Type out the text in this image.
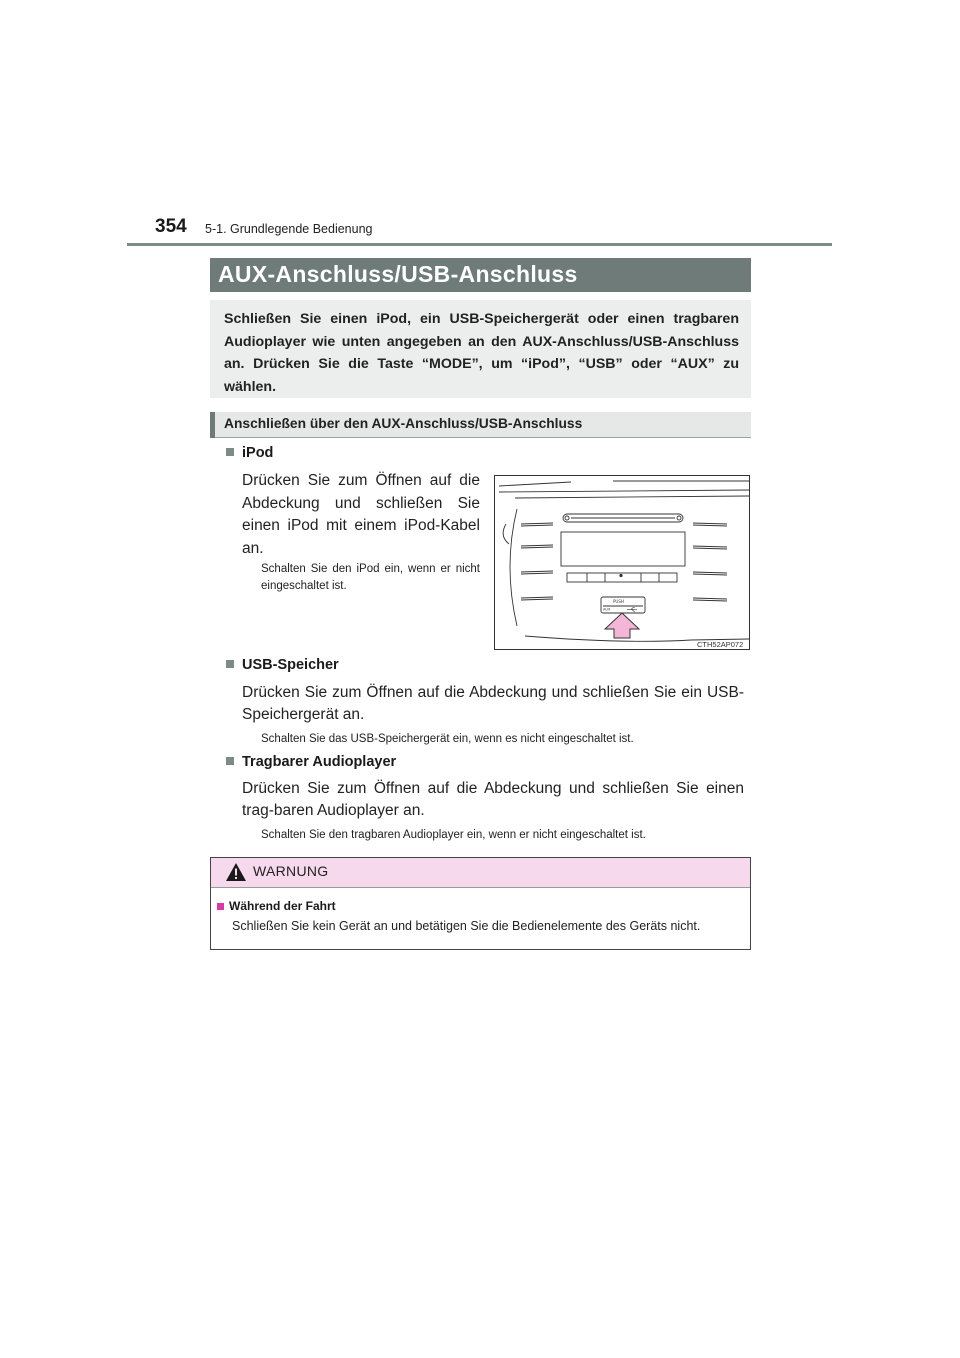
354 5-1. Grundlegende Bedienung
AUX-Anschluss/USB-Anschluss
Schließen Sie einen iPod, ein USB-Speichergerät oder einen tragbaren Audioplayer wie unten angegeben an den AUX-Anschluss/USB-Anschluss an. Drücken Sie die Taste “MODE”, um “iPod”, “USB” oder “AUX” zu wählen.
Anschließen über den AUX-Anschluss/USB-Anschluss
iPod
Drücken Sie zum Öffnen auf die Abdeckung und schließen Sie einen iPod mit einem iPod-Kabel an.
Schalten Sie den iPod ein, wenn er nicht eingeschaltet ist.
PUSH
AUX
CTH52AP072
USB-Speicher
Drücken Sie zum Öffnen auf die Abdeckung und schließen Sie ein USB-Speichergerät an.
Schalten Sie das USB-Speichergerät ein, wenn es nicht eingeschaltet ist.
Tragbarer Audioplayer
Drücken Sie zum Öffnen auf die Abdeckung und schließen Sie einen trag-baren Audioplayer an.
Schalten Sie den tragbaren Audioplayer ein, wenn er nicht eingeschaltet ist.
WARNUNG
Während der Fahrt
Schließen Sie kein Gerät an und betätigen Sie die Bedienelemente des Geräts nicht.
